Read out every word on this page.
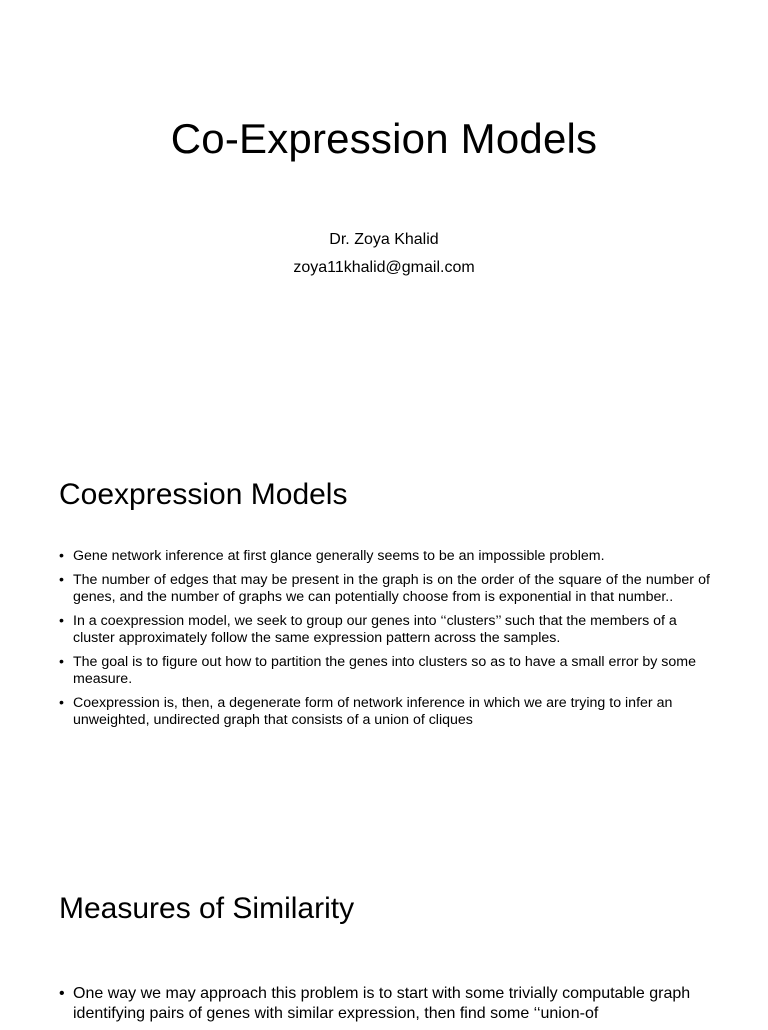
Co-Expression Models
Dr. Zoya Khalid
zoya11khalid@gmail.com
Coexpression Models
• Gene network inference at first glance generally seems to be an impossible problem.
• The number of edges that may be present in the graph is on the order of the square of the number of genes, and the number of graphs we can potentially choose from is exponential in that number..
• In a coexpression model, we seek to group our genes into ‘‘clusters’’ such that the members of a cluster approximately follow the same expression pattern across the samples.
• The goal is to figure out how to partition the genes into clusters so as to have a small error by some measure.
• Coexpression is, then, a degenerate form of network inference in which we are trying to infer an unweighted, undirected graph that consists of a union of cliques
Measures of Similarity
• One way we may approach this problem is to start with some trivially computable graph identifying pairs of genes with similar expression, then find some ‘‘union-of
